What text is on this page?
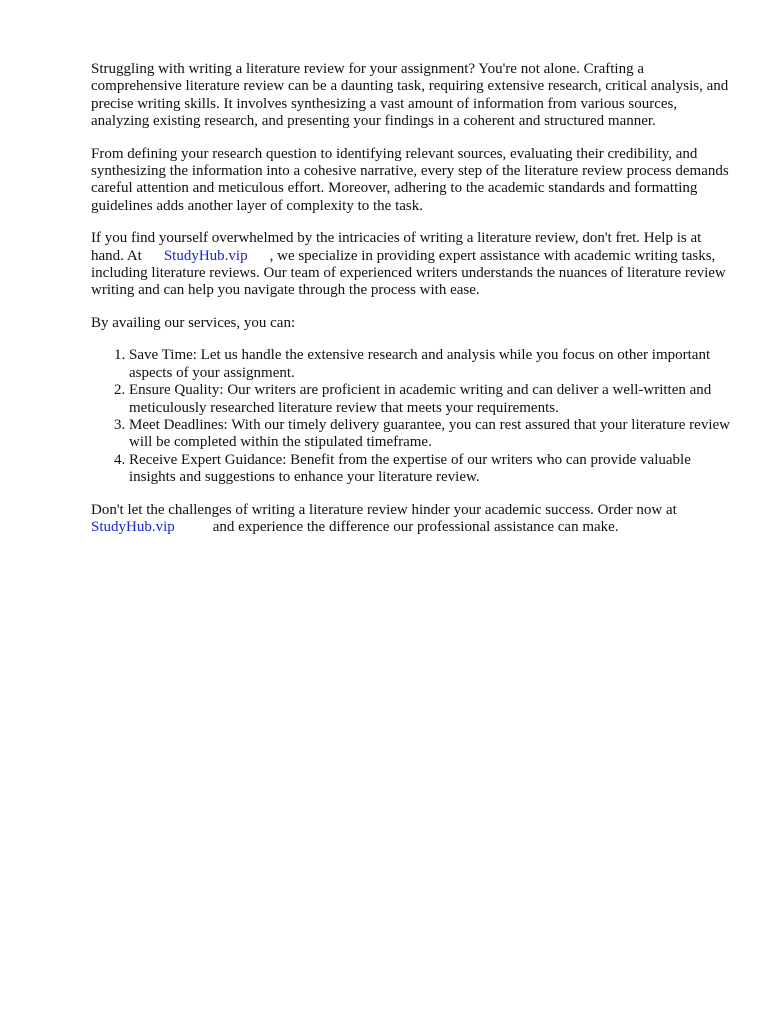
Struggling with writing a literature review for your assignment? You're not alone. Crafting a comprehensive literature review can be a daunting task, requiring extensive research, critical analysis, and precise writing skills. It involves synthesizing a vast amount of information from various sources, analyzing existing research, and presenting your findings in a coherent and structured manner.

From defining your research question to identifying relevant sources, evaluating their credibility, and synthesizing the information into a cohesive narrative, every step of the literature review process demands careful attention and meticulous effort. Moreover, adhering to the academic standards and formatting guidelines adds another layer of complexity to the task.

If you find yourself overwhelmed by the intricacies of writing a literature review, don't fret. Help is at hand. At StudyHub.vip , we specialize in providing expert assistance with academic writing tasks, including literature reviews. Our team of experienced writers understands the nuances of literature review writing and can help you navigate through the process with ease.

By availing our services, you can:

1. Save Time: Let us handle the extensive research and analysis while you focus on other important aspects of your assignment.
2. Ensure Quality: Our writers are proficient in academic writing and can deliver a well-written and meticulously researched literature review that meets your requirements.
3. Meet Deadlines: With our timely delivery guarantee, you can rest assured that your literature review will be completed within the stipulated timeframe.
4. Receive Expert Guidance: Benefit from the expertise of our writers who can provide valuable insights and suggestions to enhance your literature review.

Don't let the challenges of writing a literature review hinder your academic success. Order now at StudyHub.vip	and experience the difference our professional assistance can make.
